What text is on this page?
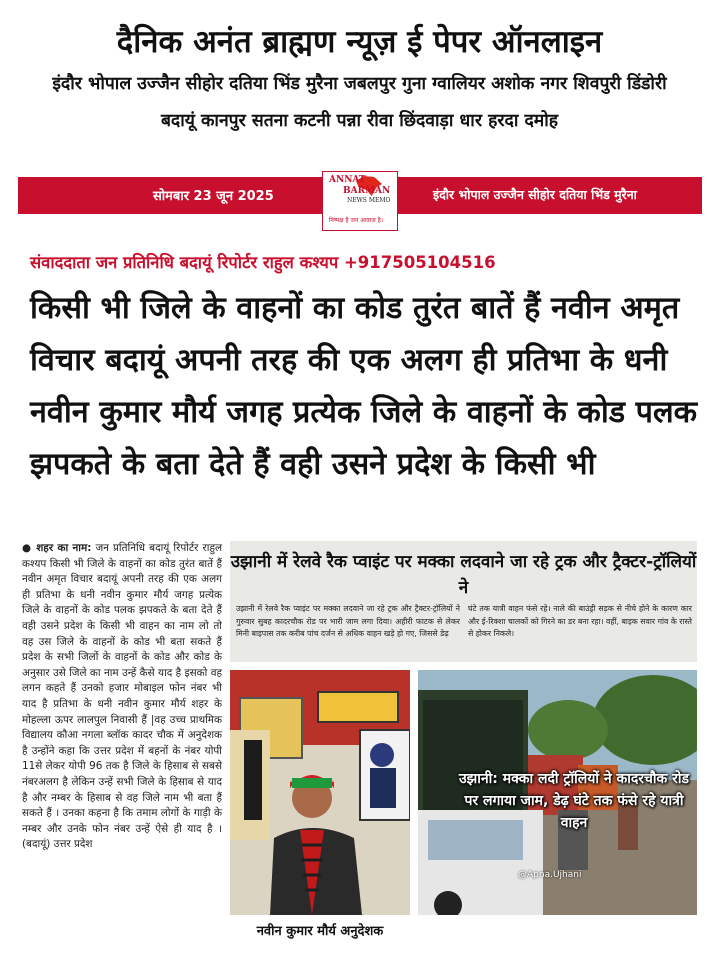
दैनिक अनंत ब्राह्मण न्यूज़ ई पेपर ऑनलाइन
इंदौर भोपाल उज्जैन सीहोर दतिया भिंड मुरैना जबलपुर गुना ग्वालियर अशोक नगर शिवपुरी डिंडोरी बदायूं कानपुर सतना कटनी पन्ना रीवा छिंदवाड़ा धार हरदा दमोह
सोमबार 23 जून 2025	इंदौर भोपाल उज्जैन सीहोर दतिया भिंड मुरैना
ANNAT
BARMAN
NEWS MEMO
निष्पक्ष है जन आवाज़ है।
संवाददाता जन प्रतिनिधि बदायूं रिपोर्टर राहुल कश्यप +917505104516
किसी भी जिले के वाहनों का कोड तुरंत बातें हैं नवीन अमृत विचार बदायूं अपनी तरह की एक अलग ही प्रतिभा के धनी नवीन कुमार मौर्य जगह प्रत्येक जिले के वाहनों के कोड पलक झपकते के बता देते हैं वही उसने प्रदेश के किसी भी
● शहर का नाम: जन प्रतिनिधि बदायूं रिपोर्टर राहुल कश्यप किसी भी जिले के वाहनों का कोड तुरंत बातें हैं नवीन अमृत विचार बदायूं अपनी तरह की एक अलग ही प्रतिभा के धनी नवीन कुमार मौर्य जगह प्रत्येक जिले के वाहनों के कोड पलक झपकते के बता देते हैं वही उसने प्रदेश के किसी भी वाहन का नाम लो तो वह उस जिले के वाहनों के कोड भी बता सकते हैं प्रदेश के सभी जिलों के वाहनों के कोड और कोड के अनुसार उसे जिले का नाम उन्हें कैसे याद है इसको वह लगन कहते हैं उनको हजार मोबाइल फोन नंबर भी याद है प्रतिभा के धनी नवीन कुमार मौर्य शहर के मोहल्ला ऊपर लालपुल निवासी हैं |वह उच्च प्राथमिक विद्यालय कौआ नगला ब्लॉक कादर चौक में अनुदेशक है उन्होंने कहा कि उत्तर प्रदेश में बहनों के नंबर योपी 11से लेकर योपी 96 तक है जिले के हिसाब से सबसे नंबरअलग है लेकिन उन्हें सभी जिले के हिसाब से याद है और नम्बर के हिसाब से वह जिले नाम भी बता हैं सकते हैं । उनका कहना है कि तमाम लोगों के गाड़ी के नम्बर और उनके फोन नंबर उन्हें ऐसे ही याद है । (बदायूं) उत्तर प्रदेश
उझानी में रेलवे रैक प्वाइंट पर मक्का लदवाने जा रहे ट्रक और ट्रैक्टर-ट्रॉलियों ने
उझानी में रेलवे रैक प्वाइंट पर मक्का लदवाने जा रहे ट्रक और ट्रैक्टर-ट्रॉलियों ने गुरुवार सुबह कादरचौक रोड पर भारी जाम लगा दिया। अहीरी फाटक से लेकर मिनी बाइपास तक करीब पांच दर्जन से अधिक वाहन खड़े हो गए, जिससे डेढ़
घंटे तक यात्री वाहन फंसे रहे। नाले की बाउंड्री सड़क से नीचे होने के कारण कार और ई-रिक्शा चालकों को गिरने का डर बना रहा। वहीं, बाइक सवार गांव के रास्ते से होकर निकले।
नवीन कुमार मौर्य अनुदेशक
उझानी: मक्का लदी ट्रॉलियों ने कादरचौक रोड पर लगाया जाम, डेढ़ घंटे तक फंसे रहे यात्री वाहन
@Apna.Ujhani
